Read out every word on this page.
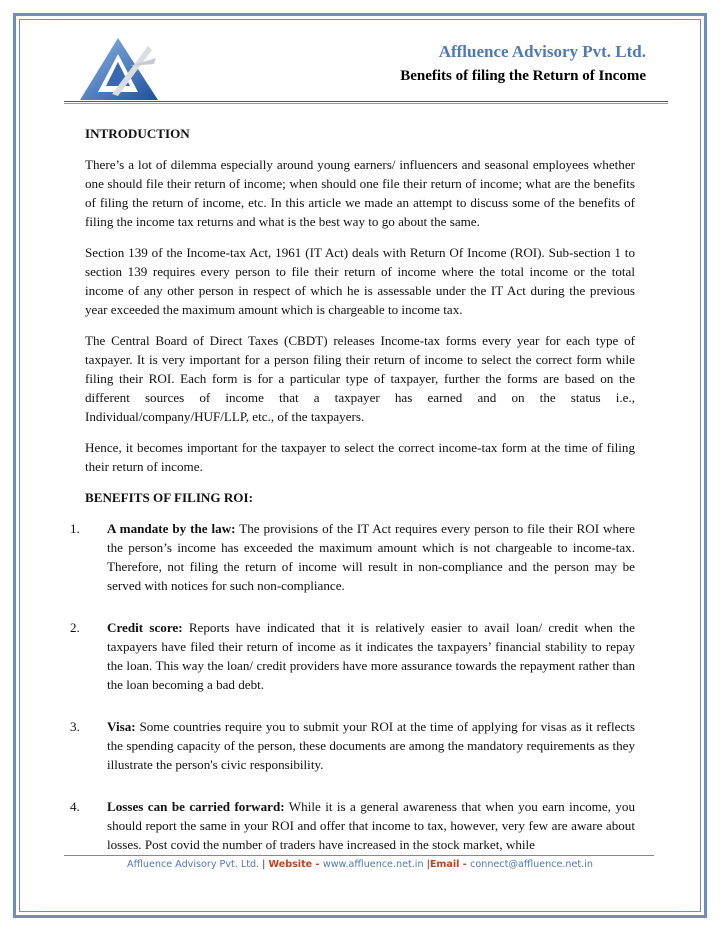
Affluence Advisory Pvt. Ltd.
Benefits of filing the Return of Income
INTRODUCTION

There’s a lot of dilemma especially around young earners/ influencers and seasonal employees whether one should file their return of income; when should one file their return of income; what are the benefits of filing the return of income, etc. In this article we made an attempt to discuss some of the benefits of filing the income tax returns and what is the best way to go about the same.

Section 139 of the Income-tax Act, 1961 (IT Act) deals with Return Of Income (ROI). Sub-section 1 to section 139 requires every person to file their return of income where the total income or the total income of any other person in respect of which he is assessable under the IT Act during the previous year exceeded the maximum amount which is chargeable to income tax.

The Central Board of Direct Taxes (CBDT) releases Income-tax forms every year for each type of taxpayer. It is very important for a person filing their return of income to select the correct form while filing their ROI. Each form is for a particular type of taxpayer, further the forms are based on the different sources of income that a taxpayer has earned and on the status i.e., Individual/company/HUF/LLP, etc., of the taxpayers.

Hence, it becomes important for the taxpayer to select the correct income-tax form at the time of filing their return of income.

BENEFITS OF FILING ROI:
1. A mandate by the law: The provisions of the IT Act requires every person to file their ROI where the person’s income has exceeded the maximum amount which is not chargeable to income-tax. Therefore, not filing the return of income will result in non-compliance and the person may be served with notices for such non-compliance.
2. Credit score: Reports have indicated that it is relatively easier to avail loan/ credit when the taxpayers have filed their return of income as it indicates the taxpayers’ financial stability to repay the loan. This way the loan/ credit providers have more assurance towards the repayment rather than the loan becoming a bad debt.
3. Visa: Some countries require you to submit your ROI at the time of applying for visas as it reflects the spending capacity of the person, these documents are among the mandatory requirements as they illustrate the person's civic responsibility.
4. Losses can be carried forward: While it is a general awareness that when you earn income, you should report the same in your ROI and offer that income to tax, however, very few are aware about losses. Post covid the number of traders have increased in the stock market, while
Affluence Advisory Pvt. Ltd. | Website - www.affluence.net.in |Email - connect@affluence.net.in
